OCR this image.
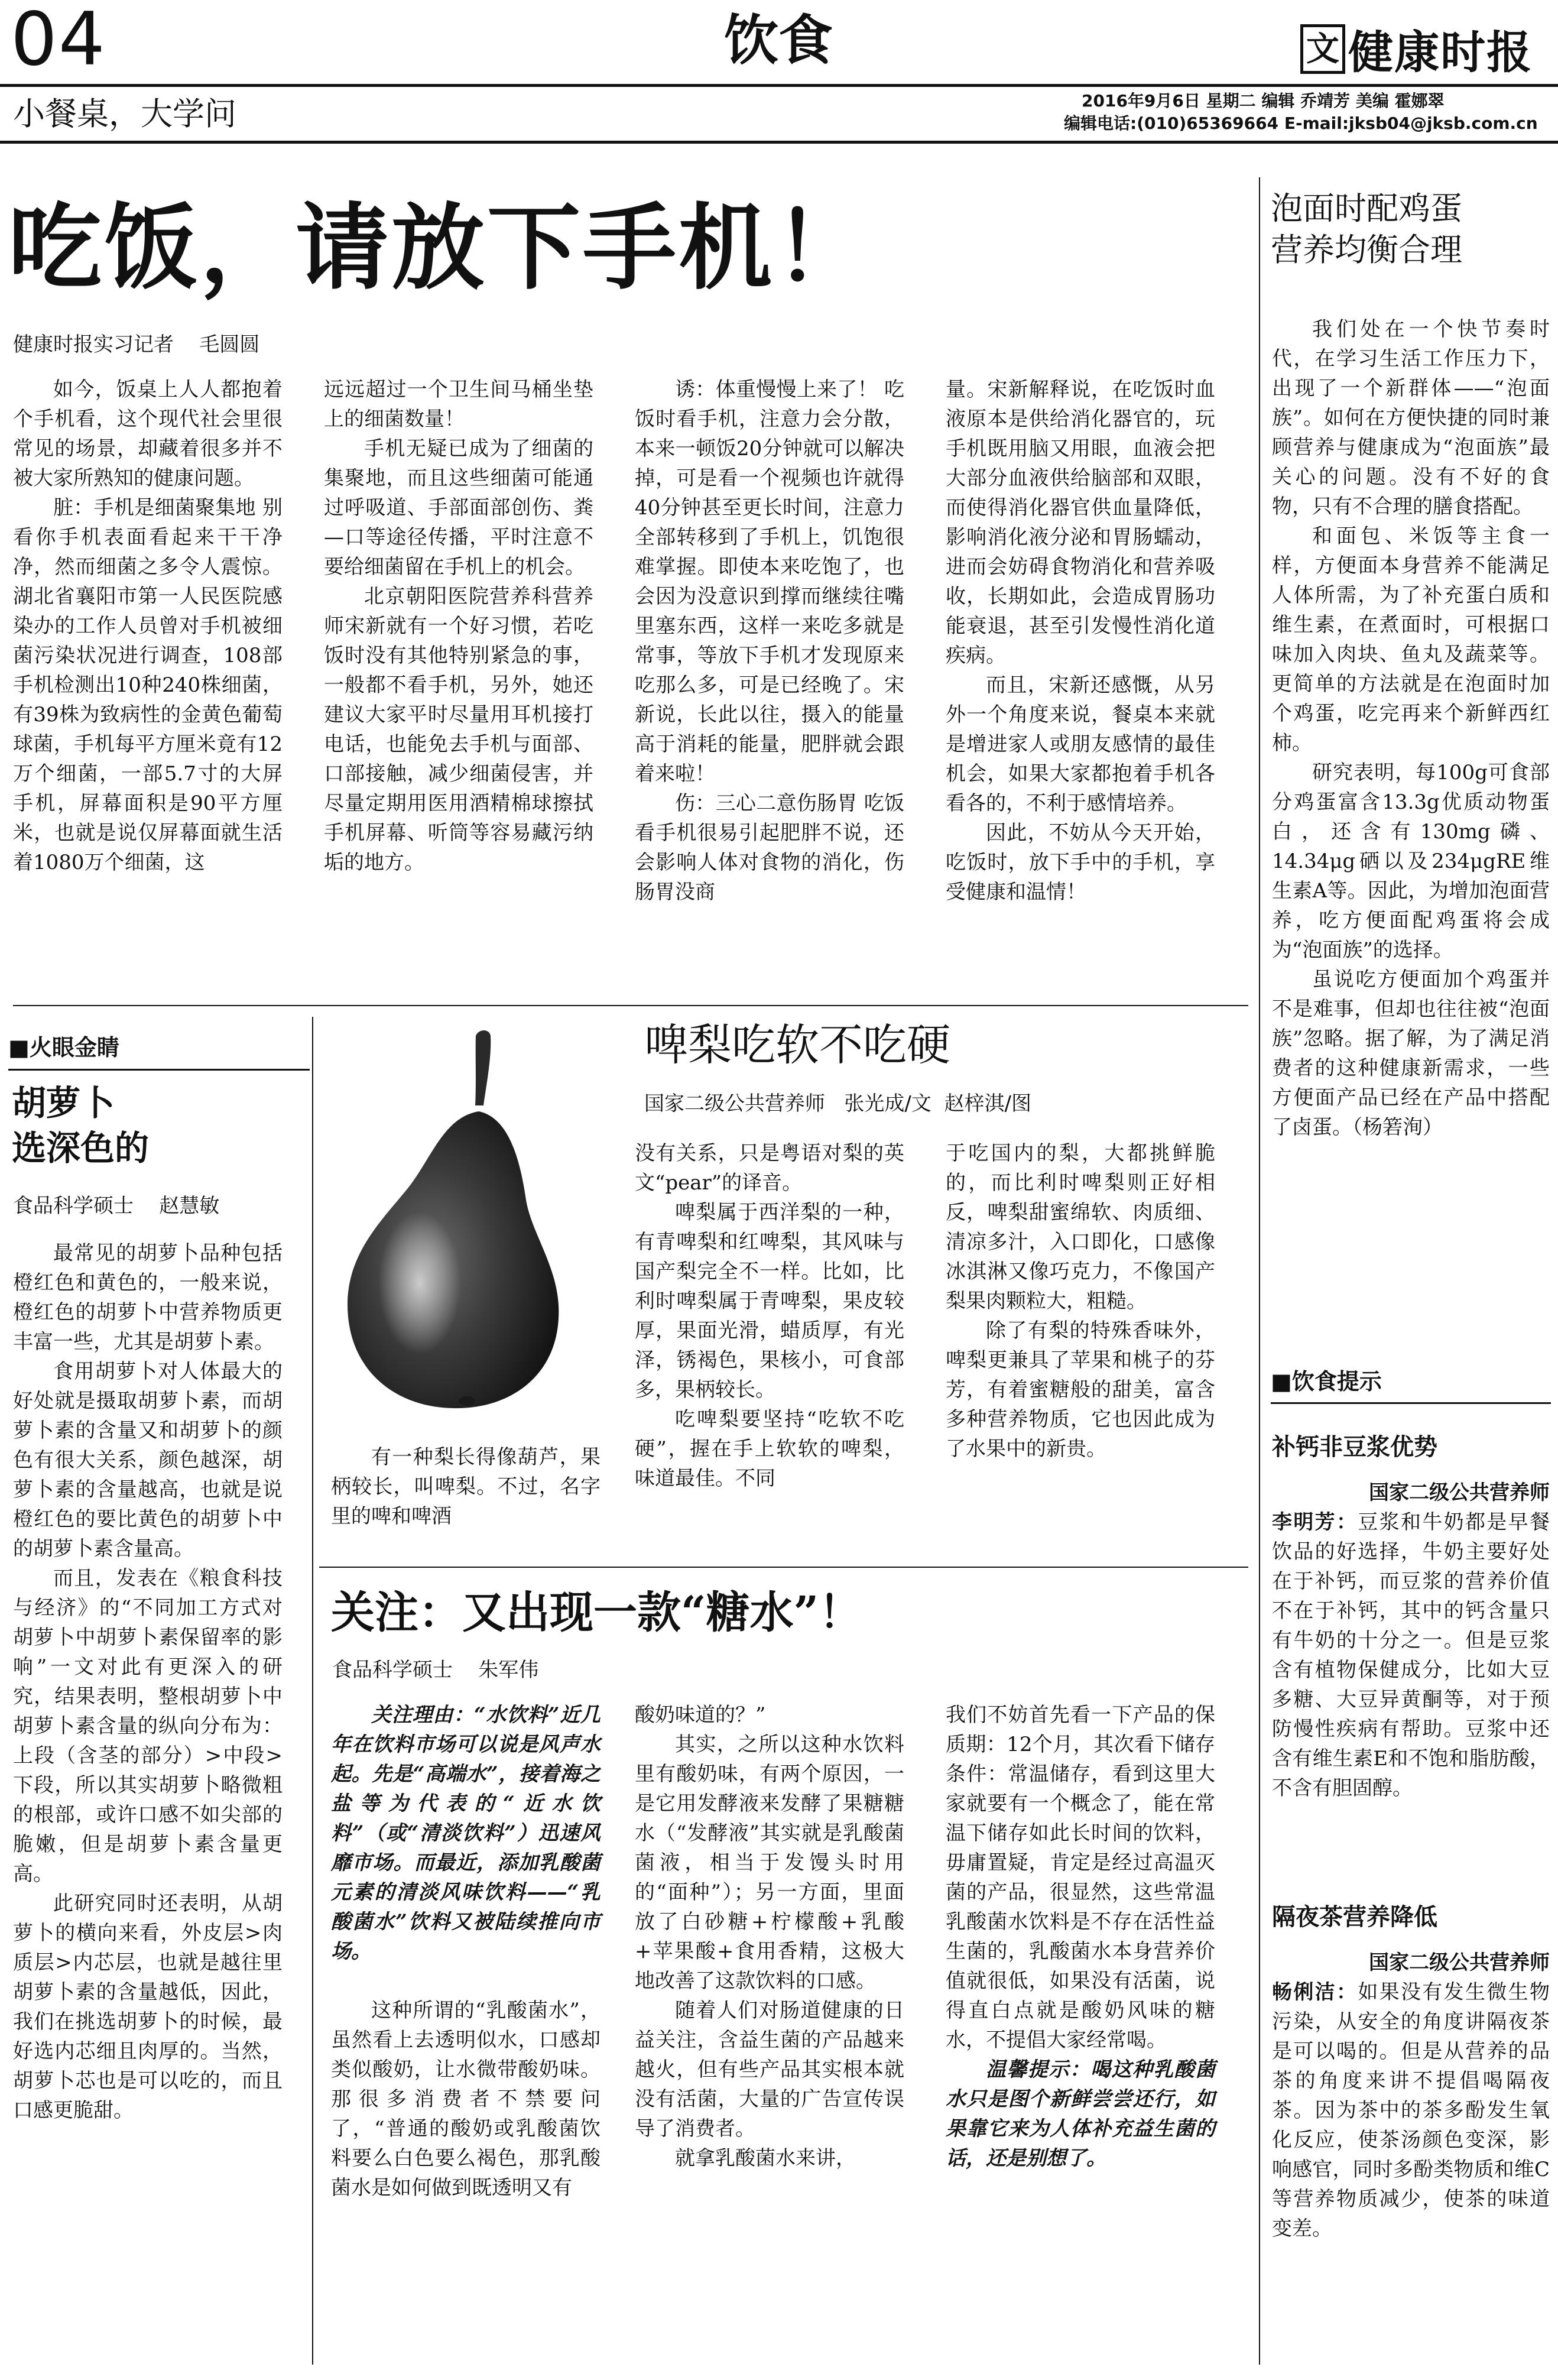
04	饮食	文 健康时报
小餐桌，大学问	2016年9月6日 星期二 编辑 乔靖芳 美编 霍娜翠
编辑电话:(010)65369664 E-mail:jksb04@jksb.com.cn
吃饭，请放下手机！
健康时报实习记者    毛圆圆

如今，饭桌上人人都抱着个手机看，这个现代社会里很常见的场景，却藏着很多并不被大家所熟知的健康问题。

脏：手机是细菌聚集地 别看你手机表面看起来干干净净，然而细菌之多令人震惊。湖北省襄阳市第一人民医院感染办的工作人员曾对手机被细菌污染状况进行调查，108部手机检测出10种240株细菌，有39株为致病性的金黄色葡萄球菌，手机每平方厘米竟有12万个细菌，一部5.7寸的大屏手机，屏幕面积是90平方厘米，也就是说仅屏幕面就生活着1080万个细菌，这

远远超过一个卫生间马桶坐垫上的细菌数量！

手机无疑已成为了细菌的集聚地，而且这些细菌可能通过呼吸道、手部面部创伤、粪—口等途径传播，平时注意不要给细菌留在手机上的机会。

北京朝阳医院营养科营养师宋新就有一个好习惯，若吃饭时没有其他特别紧急的事，一般都不看手机，另外，她还建议大家平时尽量用耳机接打电话，也能免去手机与面部、口部接触，减少细菌侵害，并尽量定期用医用酒精棉球擦拭手机屏幕、听筒等容易藏污纳垢的地方。

诱：体重慢慢上来了！ 吃饭时看手机，注意力会分散，本来一顿饭20分钟就可以解决掉，可是看一个视频也许就得40分钟甚至更长时间，注意力全部转移到了手机上，饥饱很难掌握。即使本来吃饱了，也会因为没意识到撑而继续往嘴里塞东西，这样一来吃多就是常事，等放下手机才发现原来吃那么多，可是已经晚了。宋新说，长此以往，摄入的能量高于消耗的能量，肥胖就会跟着来啦！

伤：三心二意伤肠胃 吃饭看手机很易引起肥胖不说，还会影响人体对食物的消化，伤肠胃没商

量。宋新解释说，在吃饭时血液原本是供给消化器官的，玩手机既用脑又用眼，血液会把大部分血液供给脑部和双眼，而使得消化器官供血量降低，影响消化液分泌和胃肠蠕动，进而会妨碍食物消化和营养吸收，长期如此，会造成胃肠功能衰退，甚至引发慢性消化道疾病。

而且，宋新还感慨，从另外一个角度来说，餐桌本来就是增进家人或朋友感情的最佳机会，如果大家都抱着手机各看各的，不利于感情培养。

因此，不妨从今天开始，吃饭时，放下手中的手机，享受健康和温情！

■火眼金睛
胡萝卜
选深色的
食品科学硕士    赵慧敏

最常见的胡萝卜品种包括橙红色和黄色的，一般来说，橙红色的胡萝卜中营养物质更丰富一些，尤其是胡萝卜素。

食用胡萝卜对人体最大的好处就是摄取胡萝卜素，而胡萝卜素的含量又和胡萝卜的颜色有很大关系，颜色越深，胡萝卜素的含量越高，也就是说橙红色的要比黄色的胡萝卜中的胡萝卜素含量高。

而且，发表在《粮食科技与经济》的“不同加工方式对胡萝卜中胡萝卜素保留率的影响”一文对此有更深入的研究，结果表明，整根胡萝卜中胡萝卜素含量的纵向分布为：上段（含茎的部分）>中段>下段，所以其实胡萝卜略微粗的根部，或许口感不如尖部的脆嫩，但是胡萝卜素含量更高。

此研究同时还表明，从胡萝卜的横向来看，外皮层>肉质层>内芯层，也就是越往里胡萝卜素的含量越低，因此，我们在挑选胡萝卜的时候，最好选内芯细且肉厚的。当然，胡萝卜芯也是可以吃的，而且口感更脆甜。

有一种梨长得像葫芦，果柄较长，叫啤梨。不过，名字里的啤和啤酒
啤梨吃软不吃硬
国家二级公共营养师   张光成/文  赵梓淇/图

没有关系，只是粤语对梨的英文“pear”的译音。

啤梨属于西洋梨的一种，有青啤梨和红啤梨，其风味与国产梨完全不一样。比如，比利时啤梨属于青啤梨，果皮较厚，果面光滑，蜡质厚，有光泽，锈褐色，果核小，可食部多，果柄较长。

吃啤梨要坚持“吃软不吃硬”，握在手上软软的啤梨，味道最佳。不同

于吃国内的梨，大都挑鲜脆的，而比利时啤梨则正好相反，啤梨甜蜜绵软、肉质细、清凉多汁，入口即化，口感像冰淇淋又像巧克力，不像国产梨果肉颗粒大，粗糙。

除了有梨的特殊香味外，啤梨更兼具了苹果和桃子的芬芳，有着蜜糖般的甜美，富含多种营养物质，它也因此成为了水果中的新贵。

关注：又出现一款“糖水”！
食品科学硕士    朱军伟

关注理由：“水饮料”近几年在饮料市场可以说是风声水起。先是“高端水”，接着海之盐等为代表的“近水饮料”（或“清淡饮料”）迅速风靡市场。而最近，添加乳酸菌元素的清淡风味饮料——“乳酸菌水”饮料又被陆续推向市场。

这种所谓的“乳酸菌水”，虽然看上去透明似水，口感却类似酸奶，让水微带酸奶味。那很多消费者不禁要问了，“普通的酸奶或乳酸菌饮料要么白色要么褐色，那乳酸菌水是如何做到既透明又有

酸奶味道的？”

其实，之所以这种水饮料里有酸奶味，有两个原因，一是它用发酵液来发酵了果糖糖水（“发酵液”其实就是乳酸菌菌液，相当于发馒头时用的“面种”）；另一方面，里面放了白砂糖+柠檬酸+乳酸+苹果酸+食用香精，这极大地改善了这款饮料的口感。

随着人们对肠道健康的日益关注，含益生菌的产品越来越火，但有些产品其实根本就没有活菌，大量的广告宣传误导了消费者。

就拿乳酸菌水来讲，

我们不妨首先看一下产品的保质期：12个月，其次看下储存条件：常温储存，看到这里大家就要有一个概念了，能在常温下储存如此长时间的饮料，毋庸置疑，肯定是经过高温灭菌的产品，很显然，这些常温乳酸菌水饮料是不存在活性益生菌的，乳酸菌水本身营养价值就很低，如果没有活菌，说得直白点就是酸奶风味的糖水，不提倡大家经常喝。

温馨提示：喝这种乳酸菌水只是图个新鲜尝尝还行，如果靠它来为人体补充益生菌的话，还是别想了。

泡面时配鸡蛋
营养均衡合理

我们处在一个快节奏时代，在学习生活工作压力下，出现了一个新群体——“泡面族”。如何在方便快捷的同时兼顾营养与健康成为“泡面族”最关心的问题。没有不好的食物，只有不合理的膳食搭配。

和面包、米饭等主食一样，方便面本身营养不能满足人体所需，为了补充蛋白质和维生素，在煮面时，可根据口味加入肉块、鱼丸及蔬菜等。更简单的方法就是在泡面时加个鸡蛋，吃完再来个新鲜西红柿。

研究表明，每100g可食部分鸡蛋富含13.3g优质动物蛋白，还含有130mg磷、14.34μg硒以及234μgRE维生素A等。因此，为增加泡面营养，吃方便面配鸡蛋将会成为“泡面族”的选择。

虽说吃方便面加个鸡蛋并不是难事，但却也往往被“泡面族”忽略。据了解，为了满足消费者的这种健康新需求，一些方便面产品已经在产品中搭配了卤蛋。（杨箬洵）

■饮食提示
补钙非豆浆优势
国家二级公共营养师

李明芳：豆浆和牛奶都是早餐饮品的好选择，牛奶主要好处在于补钙，而豆浆的营养价值不在于补钙，其中的钙含量只有牛奶的十分之一。但是豆浆含有植物保健成分，比如大豆多糖、大豆异黄酮等，对于预防慢性疾病有帮助。豆浆中还含有维生素E和不饱和脂肪酸，不含有胆固醇。

隔夜茶营养降低
国家二级公共营养师

畅俐洁：如果没有发生微生物污染，从安全的角度讲隔夜茶是可以喝的。但是从营养的品茶的角度来讲不提倡喝隔夜茶。因为茶中的茶多酚发生氧化反应，使茶汤颜色变深，影响感官，同时多酚类物质和维C等营养物质减少，使茶的味道变差。
